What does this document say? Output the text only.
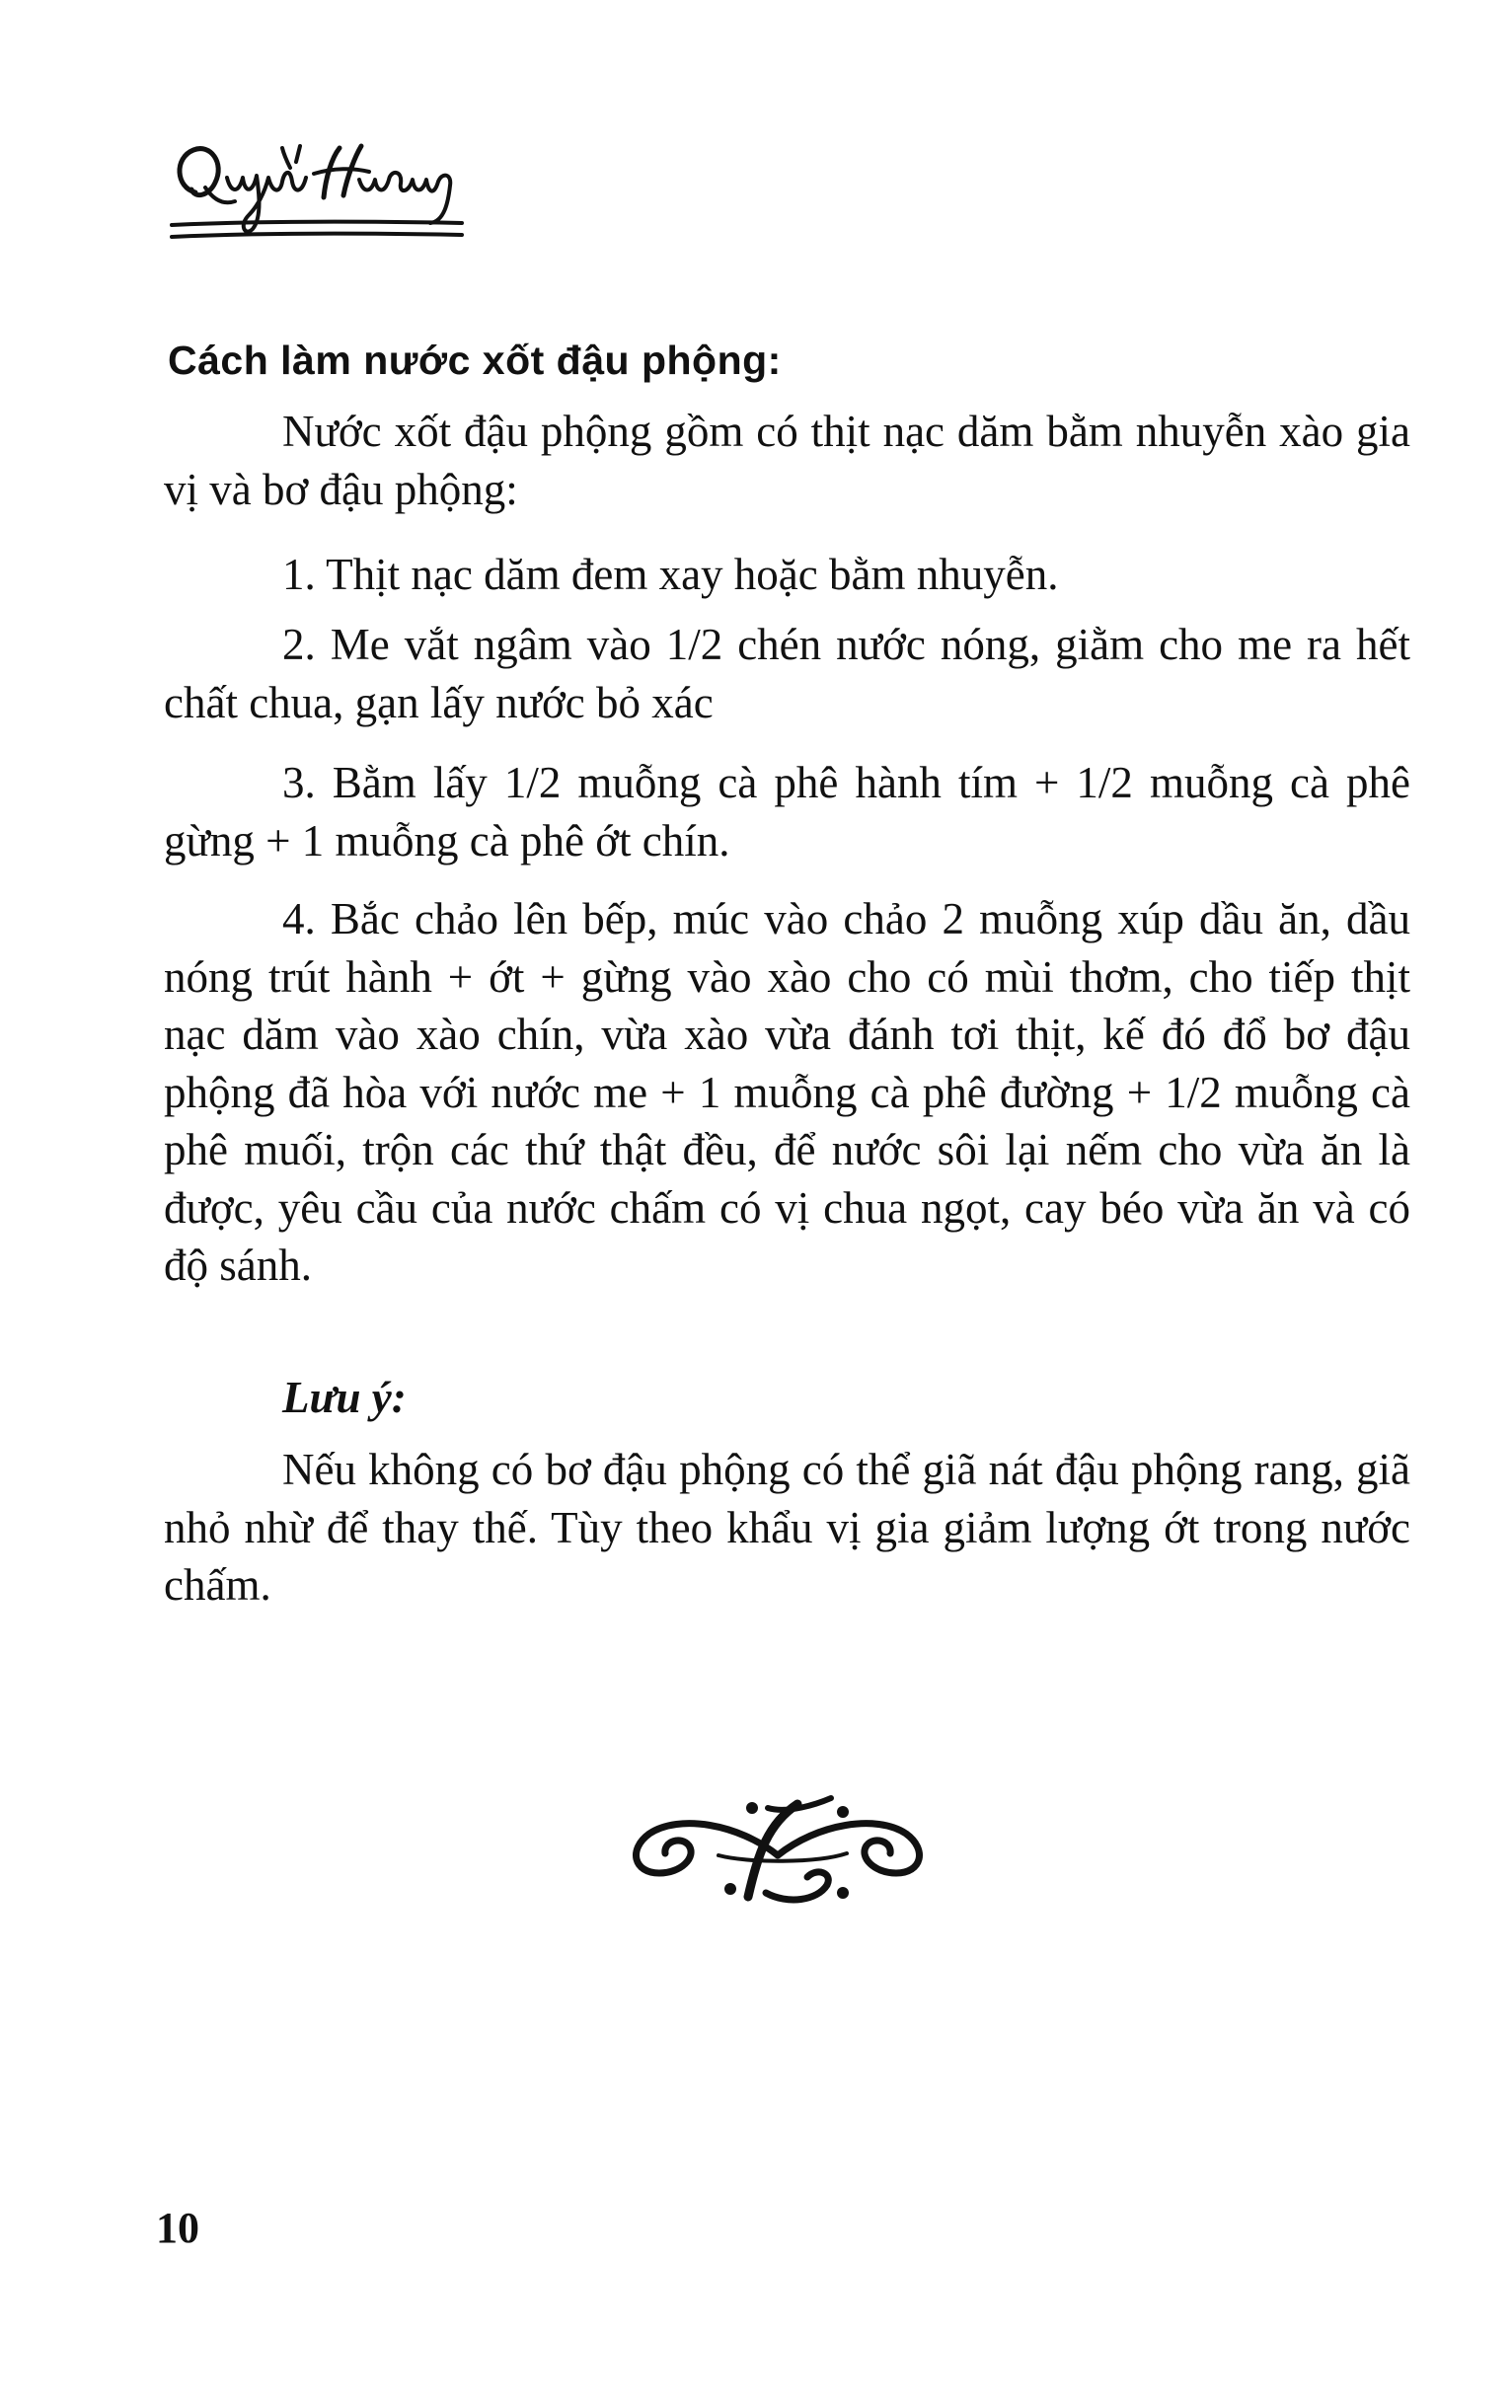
Cách làm nước xốt đậu phộng:

Nước xốt đậu phộng gồm có thịt nạc dăm bằm nhuyễn xào gia vị và bơ đậu phộng:

1. Thịt nạc dăm đem xay hoặc bằm nhuyễn.

2. Me vắt ngâm vào 1/2 chén nước nóng, giằm cho me ra hết chất chua, gạn lấy nước bỏ xác

3. Bằm lấy 1/2 muỗng cà phê hành tím + 1/2 muỗng cà phê gừng + 1 muỗng cà phê ớt chín.

4. Bắc chảo lên bếp, múc vào chảo 2 muỗng xúp dầu ăn, dầu nóng trút hành + ớt + gừng vào xào cho có mùi thơm, cho tiếp thịt nạc dăm vào xào chín, vừa xào vừa đánh tơi thịt, kế đó đổ bơ đậu phộng đã hòa với nước me + 1 muỗng cà phê đường + 1/2 muỗng cà phê muối, trộn các thứ thật đều, để nước sôi lại nếm cho vừa ăn là được, yêu cầu của nước chấm có vị chua ngọt, cay béo vừa ăn và có độ sánh.

Lưu ý:

Nếu không có bơ đậu phộng có thể giã nát đậu phộng rang, giã nhỏ nhừ để thay thế. Tùy theo khẩu vị gia giảm lượng ớt trong nước chấm.

10
